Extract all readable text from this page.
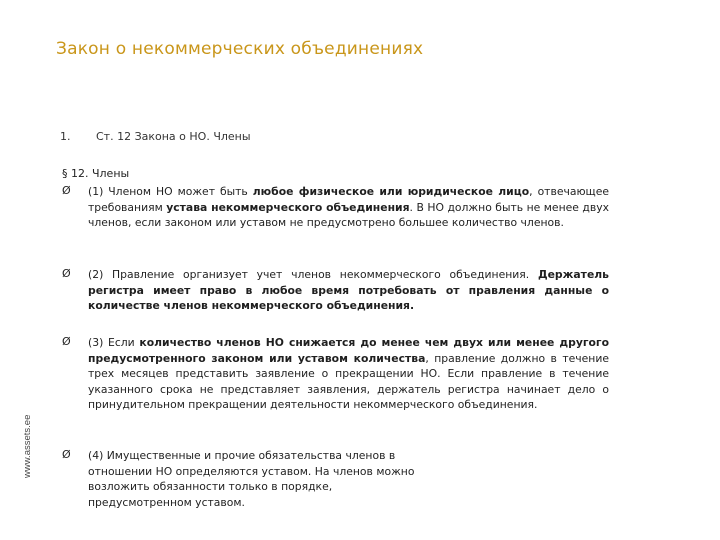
Закон о некоммерческих объединениях
www.assets.ee
1. Ст. 12 Закона о НО. Члены
§ 12. Члены
Ø	(1) Членом НО может быть любое физическое или юридическое лицо, отвечающее требованиям устава некоммерческого объединения. В НО должно быть не менее двух членов, если законом или уставом не предусмотрено большее количество членов.
Ø	(2) Правление организует учет членов некоммерческого объединения. Держатель регистра имеет право в любое время потребовать от правления данные о количестве членов некоммерческого объединения.
Ø	(3) Если количество членов НО снижается до менее чем двух или менее другого предусмотренного законом или уставом количества, правление должно в течение трех месяцев представить заявление о прекращении НО. Если правление в течение указанного срока не представляет заявления, держатель регистра начинает дело о принудительном прекращении деятельности некоммерческого объединения.
Ø	(4) Имущественные и прочие обязательства членов в отношении НО определяются уставом. На членов можно возложить обязанности только в порядке, предусмотренном уставом.
